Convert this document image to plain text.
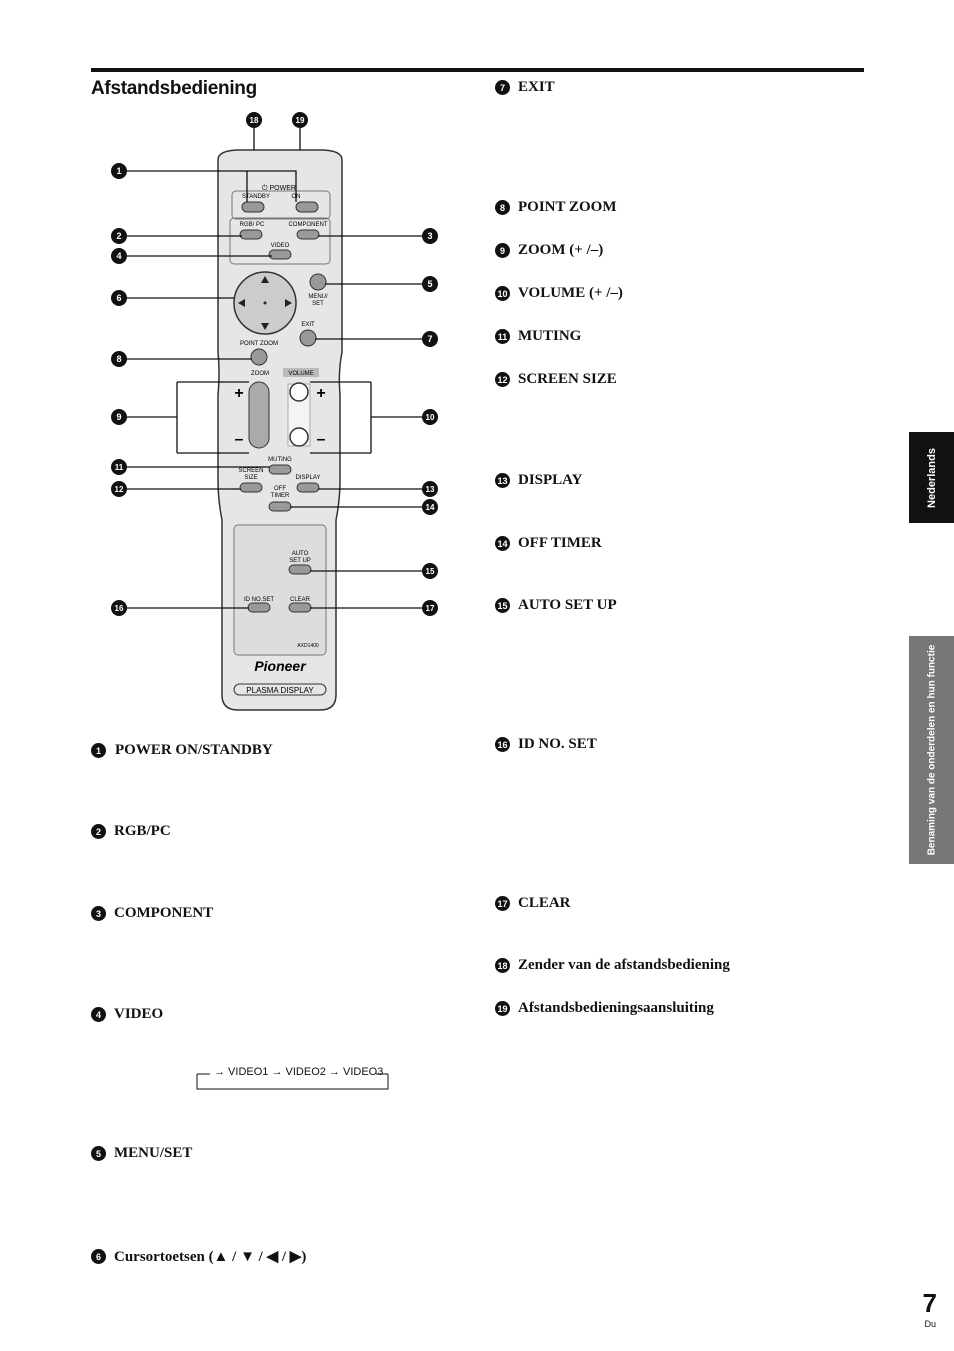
Afstandsbediening
⏻ POWER
STANDBY	ON
RGB/ PC	COMPONENT
VIDEO
MENU/
SET
EXIT
POINT ZOOM
ZOOM	VOLUME
+
–
+
–
MUTING
SCREEN
SIZE	DISPLAY
OFF
TIMER
AUTO
SET UP
ID NO.SET	CLEAR
AXD1400
Pioneer
PLASMA DISPLAY
1
2	3
4
5
6
7
8
9	10
11
12	13
14
15
16	17
18	19
1 POWER ON/STANDBY
2 RGB/PC
3 COMPONENT
4 VIDEO
→ VIDEO1 → VIDEO2 → VIDEO3
5 MENU/SET
6 Cursortoetsen (▲ / ▼ / ◀ / ▶)
7 EXIT
8 POINT ZOOM
9 ZOOM (+ /–)
10 VOLUME (+ /–)
11 MUTING
12 SCREEN SIZE
13 DISPLAY
14 OFF TIMER
15 AUTO SET UP
16 ID NO. SET
17 CLEAR
18 Zender van de afstandsbediening
19 Afstandsbedieningsaansluiting
Nederlands
Benaming van de onderdelen en hun functie
7
Du
